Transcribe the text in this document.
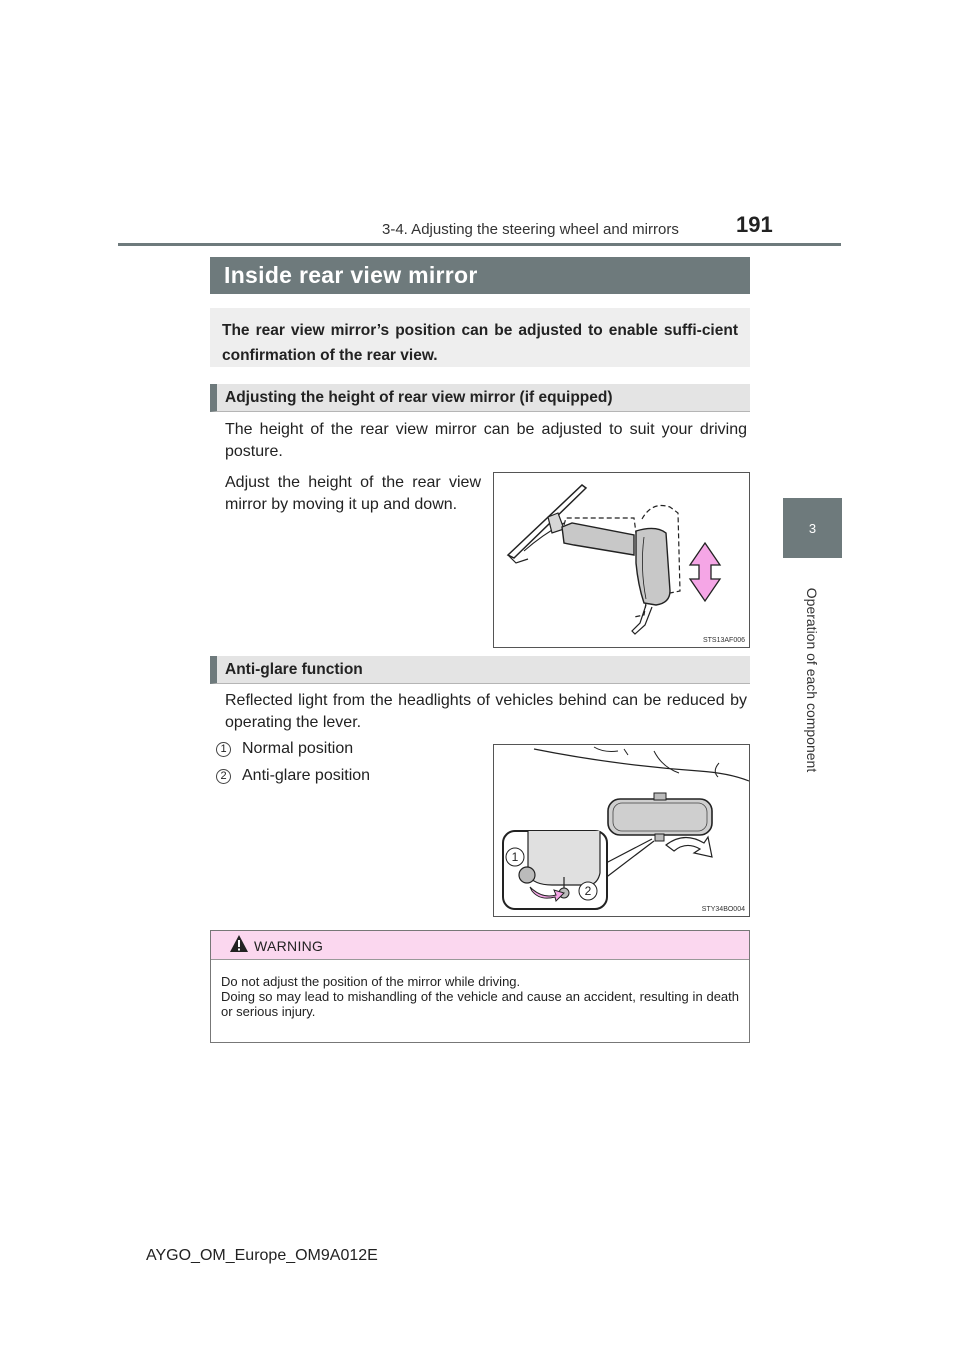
3-4. Adjusting the steering wheel and mirrors	191
3
Operation of each component
Inside rear view mirror
The rear view mirror’s position can be adjusted to enable suffi-cient confirmation of the rear view.
Adjusting the height of rear view mirror (if equipped)
The height of the rear view mirror can be adjusted to suit your driving posture.
Adjust the height of the rear view mirror by moving it up and down.
STS13AF006
Anti-glare function
Reflected light from the headlights of vehicles behind can be reduced by operating the lever.
1 Normal position
2 Anti-glare position
1
2
STY34BO004
WARNING
Do not adjust the position of the mirror while driving.
Doing so may lead to mishandling of the vehicle and cause an accident, resulting in death or serious injury.
AYGO_OM_Europe_OM9A012E
